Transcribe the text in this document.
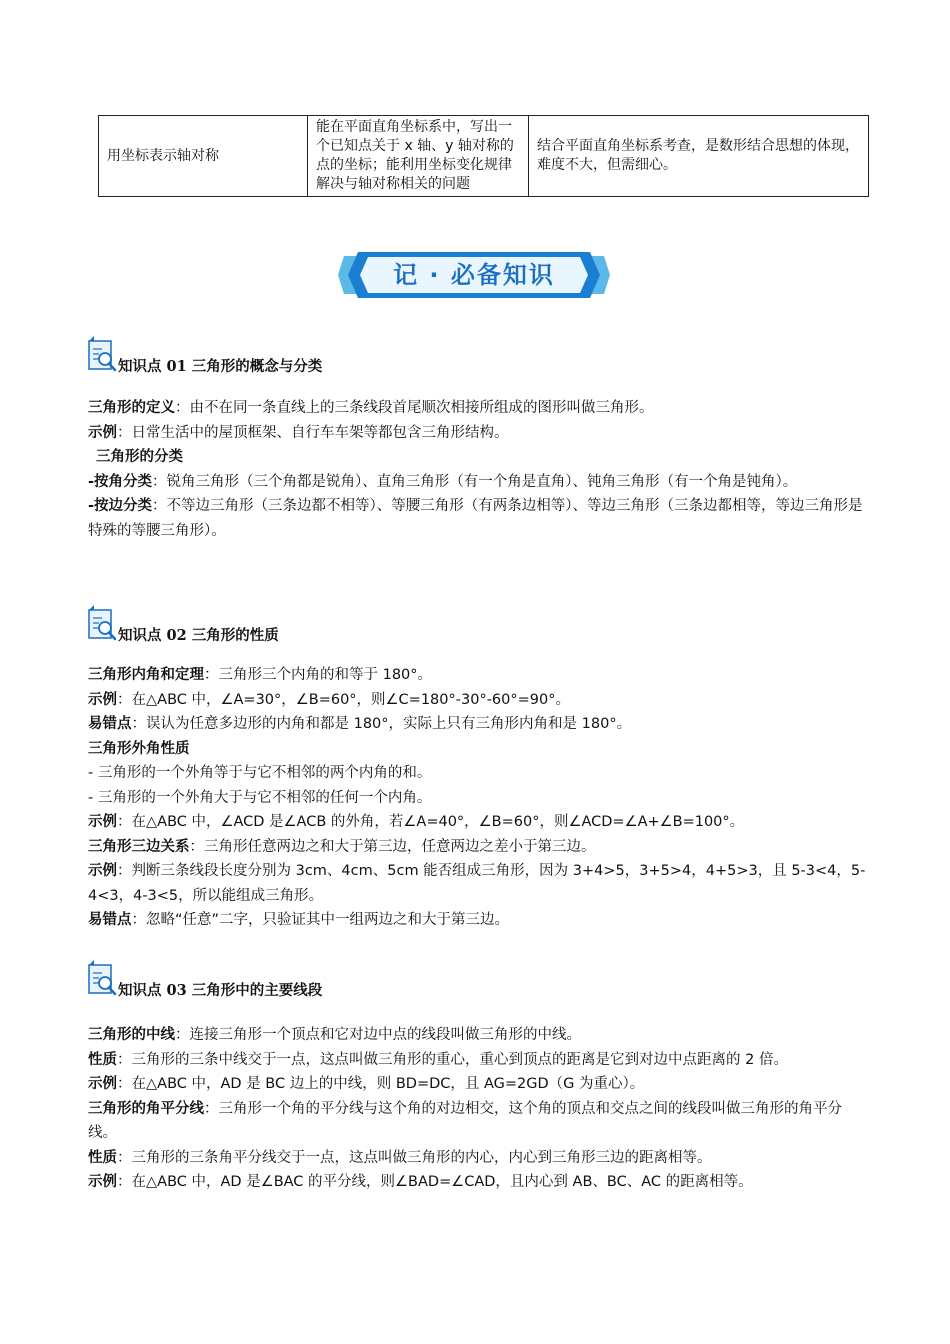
用坐标表示轴对称	能在平面直角坐标系中，写出一个已知点关于 x 轴、y 轴对称的点的坐标；能利用坐标变化规律解决与轴对称相关的问题	结合平面直角坐标系考查，是数形结合思想的体现，难度不大，但需细心。
记 · 必备知识
知识点 01 三角形的概念与分类

三角形的定义：由不在同一条直线上的三条线段首尾顺次相接所组成的图形叫做三角形。

示例：日常生活中的屋顶框架、自行车车架等都包含三角形结构。

三角形的分类

-按角分类：锐角三角形（三个角都是锐角）、直角三角形（有一个角是直角）、钝角三角形（有一个角是钝角）。

-按边分类：不等边三角形（三条边都不相等）、等腰三角形（有两条边相等）、等边三角形（三条边都相等，等边三角形是特殊的等腰三角形）。

知识点 02 三角形的性质

三角形内角和定理：三角形三个内角的和等于 180°。

示例：在△ABC 中，∠A=30°，∠B=60°，则∠C=180°-30°-60°=90°。

易错点：误认为任意多边形的内角和都是 180°，实际上只有三角形内角和是 180°。

三角形外角性质

- 三角形的一个外角等于与它不相邻的两个内角的和。

- 三角形的一个外角大于与它不相邻的任何一个内角。

示例：在△ABC 中，∠ACD 是∠ACB 的外角，若∠A=40°，∠B=60°，则∠ACD=∠A+∠B=100°。

三角形三边关系：三角形任意两边之和大于第三边，任意两边之差小于第三边。

示例：判断三条线段长度分别为 3cm、4cm、5cm 能否组成三角形，因为 3+4>5，3+5>4，4+5>3，且 5-3<4，5-4<3，4-3<5，所以能组成三角形。

易错点：忽略“任意”二字，只验证其中一组两边之和大于第三边。

知识点 03 三角形中的主要线段

三角形的中线：连接三角形一个顶点和它对边中点的线段叫做三角形的中线。

性质：三角形的三条中线交于一点，这点叫做三角形的重心，重心到顶点的距离是它到对边中点距离的 2 倍。

示例：在△ABC 中，AD 是 BC 边上的中线，则 BD=DC，且 AG=2GD（G 为重心）。

三角形的角平分线：三角形一个角的平分线与这个角的对边相交，这个角的顶点和交点之间的线段叫做三角形的角平分线。

性质：三角形的三条角平分线交于一点，这点叫做三角形的内心，内心到三角形三边的距离相等。

示例：在△ABC 中，AD 是∠BAC 的平分线，则∠BAD=∠CAD，且内心到 AB、BC、AC 的距离相等。
